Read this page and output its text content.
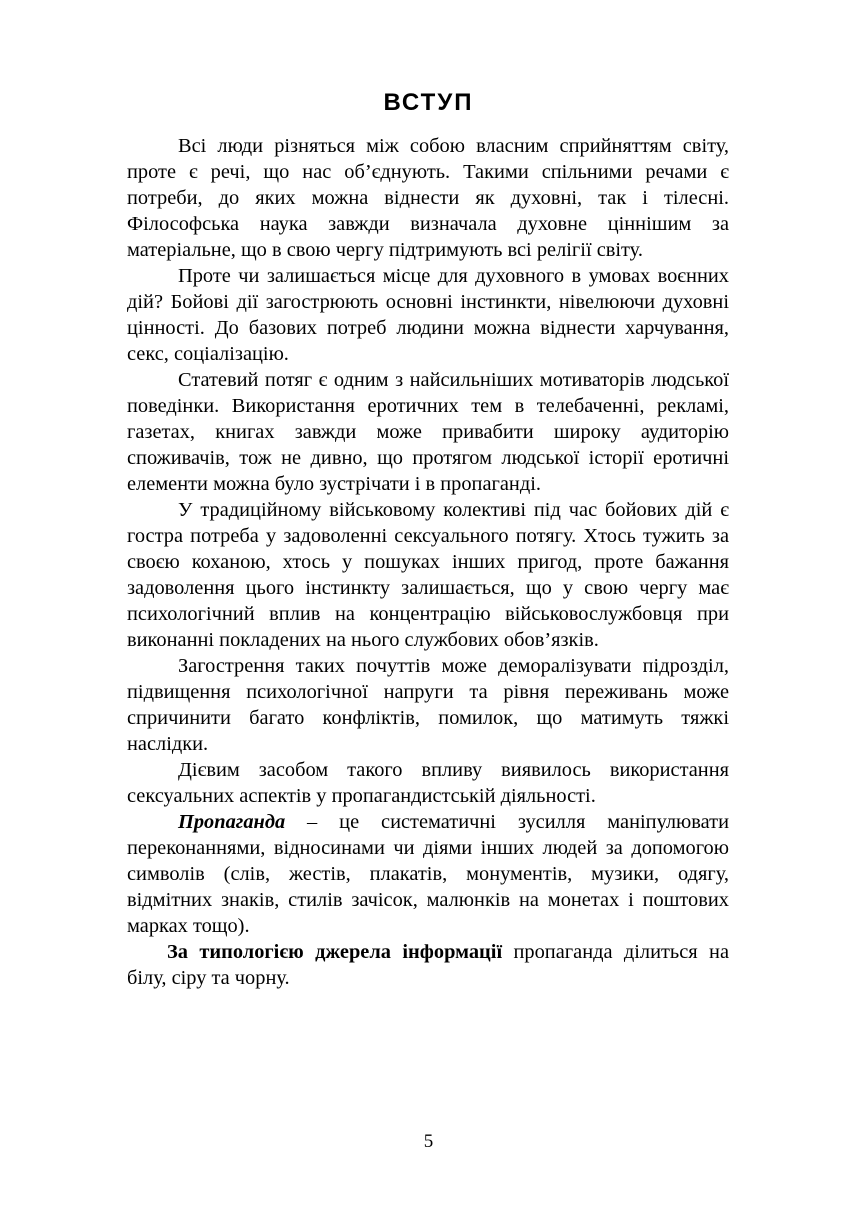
ВСТУП

Всі люди різняться між собою власним сприйняттям світу, проте є речі, що нас об’єднують. Такими спільними речами є потреби, до яких можна віднести як духовні, так і тілесні. Філософська наука завжди визначала духовне ціннішим за матеріальне, що в свою чергу підтримують всі релігії світу.

Проте чи залишається місце для духовного в умовах воєнних дій? Бойові дії загострюють основні інстинкти, нівелюючи духовні цінності. До базових потреб людини можна віднести харчування, секс, соціалізацію.

Статевий потяг є одним з найсильніших мотиваторів людської поведінки. Використання еротичних тем в телебаченні, рекламі, газетах, книгах завжди може привабити широку аудиторію споживачів, тож не дивно, що протягом людської історії еротичні елементи можна було зустрічати і в пропаганді.

У традиційному військовому колективі під час бойових дій є гостра потреба у задоволенні сексуального потягу. Хтось тужить за своєю коханою, хтось у пошуках інших пригод, проте бажання задоволення цього інстинкту залишається, що у свою чергу має психологічний вплив на концентрацію військовослужбовця при виконанні покладених на нього службових обов’язків.

Загострення таких почуттів може деморалізувати підрозділ, підвищення психологічної напруги та рівня переживань може спричинити багато конфліктів, помилок, що матимуть тяжкі наслідки.

Дієвим засобом такого впливу виявилось використання сексуальних аспектів у пропагандистській діяльності.

Пропаганда – це систематичні зусилля маніпулювати переконаннями, відносинами чи діями інших людей за допомогою символів (слів, жестів, плакатів, монументів, музики, одягу, відмітних знаків, стилів зачісок, малюнків на монетах і поштових марках тощо).

За типологією джерела інформації пропаганда ділиться на білу, сіру та чорну.

5
